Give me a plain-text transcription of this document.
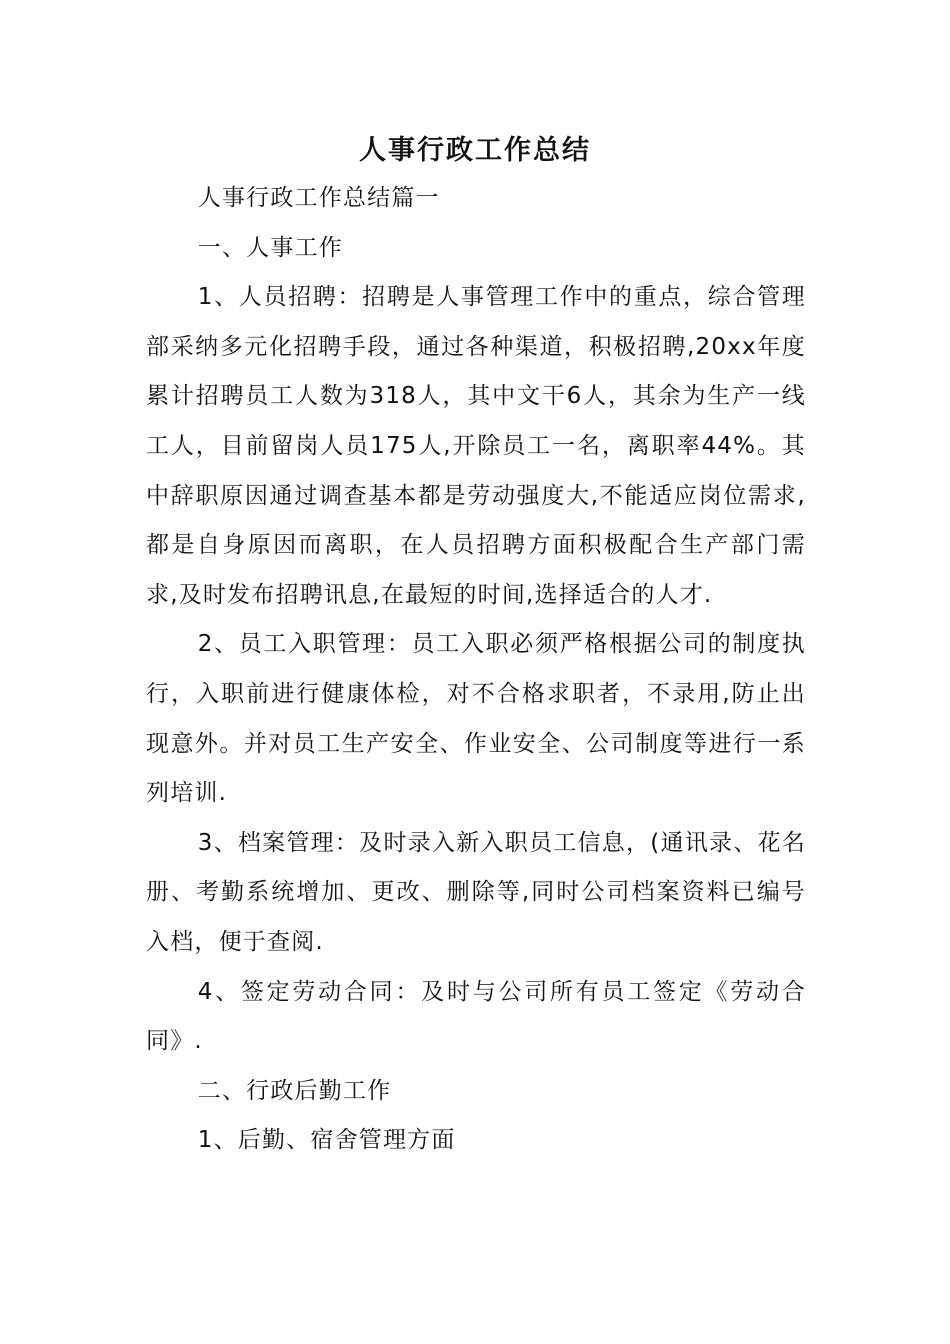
人事行政工作总结

人事行政工作总结篇一

一、人事工作

1、人员招聘：招聘是人事管理工作中的重点，综合管理部采纳多元化招聘手段，通过各种渠道，积极招聘,20xx年度累计招聘员工人数为318人，其中文干6人，其余为生产一线工人，目前留岗人员175人,开除员工一名，离职率44%。其中辞职原因通过调查基本都是劳动强度大,不能适应岗位需求,都是自身原因而离职，在人员招聘方面积极配合生产部门需求,及时发布招聘讯息,在最短的时间,选择适合的人才.

2、员工入职管理：员工入职必须严格根据公司的制度执行，入职前进行健康体检，对不合格求职者，不录用,防止出现意外。并对员工生产安全、作业安全、公司制度等进行一系列培训.

3、档案管理：及时录入新入职员工信息，(通讯录、花名册、考勤系统增加、更改、删除等,同时公司档案资料已编号入档，便于查阅.

4、签定劳动合同：及时与公司所有员工签定《劳动合同》.

二、行政后勤工作

1、后勤、宿舍管理方面
